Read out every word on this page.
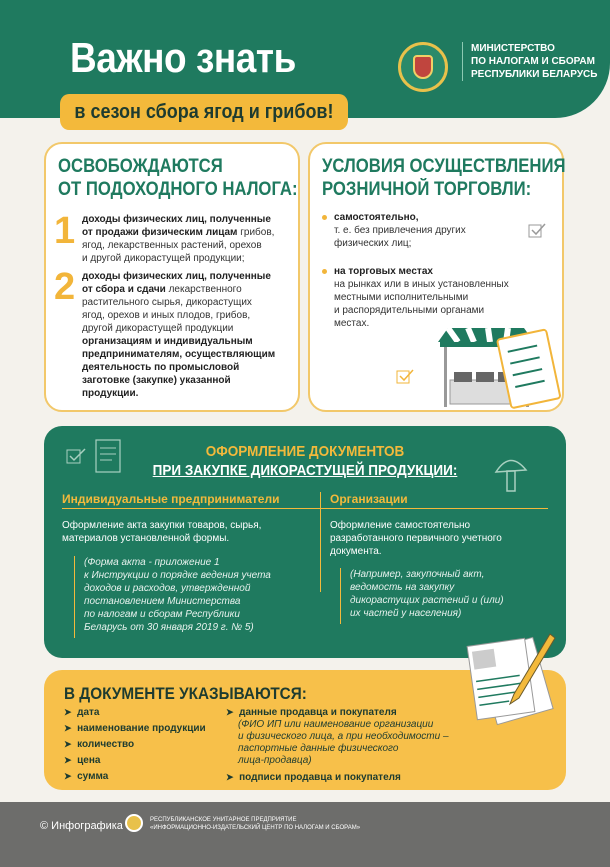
Важно знать
в сезон сбора ягод и грибов!
МИНИСТЕРСТВО
ПО НАЛОГАМ И СБОРАМ
РЕСПУБЛИКИ БЕЛАРУСЬ
ОСВОБОЖДАЮТСЯ
ОТ ПОДОХОДНОГО НАЛОГА:
1 доходы физических лиц, полученные
от продажи физическим лицам грибов,
ягод, лекарственных растений, орехов
и другой дикорастущей продукции;
2 доходы физических лиц, полученные
от сбора и сдачи лекарственного
растительного сырья, дикорастущих
ягод, орехов и иных плодов, грибов,
другой дикорастущей продукции
организациям и индивидуальным
предпринимателям, осуществляющим
деятельность по промысловой
заготовке (закупке) указанной
продукции.
УСЛОВИЯ ОСУЩЕСТВЛЕНИЯ
РОЗНИЧНОЙ ТОРГОВЛИ:
самостоятельно,
т. е. без привлечения других
физических лиц;
на торговых местах
на рынках или в иных установленных
местными исполнительными
и распорядительными органами
местах.
ОФОРМЛЕНИЕ ДОКУМЕНТОВ
ПРИ ЗАКУПКЕ ДИКОРАСТУЩЕЙ ПРОДУКЦИИ:
Индивидуальные предприниматели	Организации
Оформление акта закупки товаров, сырья,
материалов установленной формы.
(Форма акта - приложение 1
к Инструкции о порядке ведения учета
доходов и расходов, утвержденной
постановлением Министерства
по налогам и сборам Республики
Беларусь от 30 января 2019 г. № 5)
Оформление самостоятельно
разработанного первичного учетного
документа.
(Например, закупочный акт,
ведомость на закупку
дикорастущих растений и (или)
их частей у населения)
В ДОКУМЕНТЕ УКАЗЫВАЮТСЯ:
➤ дата
➤ наименование продукции
➤ количество
➤ цена
➤ сумма
➤ данные продавца и покупателя
(ФИО ИП или наименование организации
и физического лица, а при необходимости –
паспортные данные физического
лица-продавца)
➤ подписи продавца и покупателя
© Инфографика	РЕСПУБЛИКАНСКОЕ УНИТАРНОЕ ПРЕДПРИЯТИЕ
«ИНФОРМАЦИОННО-ИЗДАТЕЛЬСКИЙ ЦЕНТР ПО НАЛОГАМ И СБОРАМ»
